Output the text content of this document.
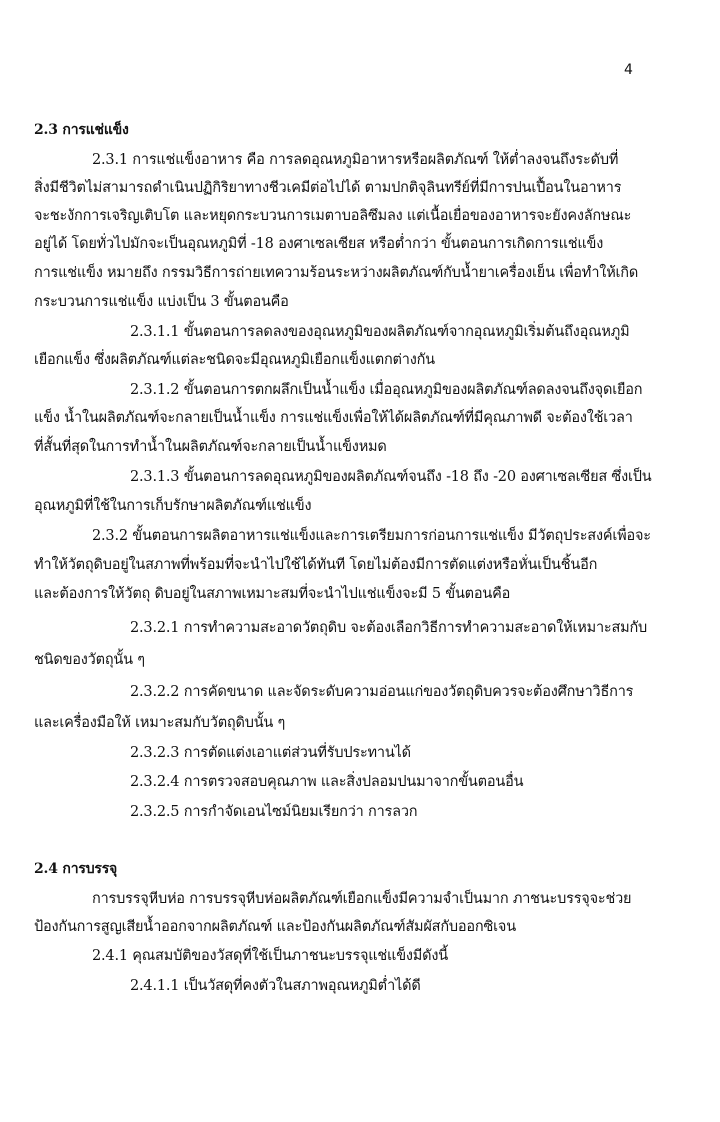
4
2.3 การแช่แข็ง
2.3.1 การแช่แข็งอาหาร คือ การลดอุณหภูมิอาหารหรือผลิตภัณฑ์ ให้ต่ำลงจนถึงระดับที่
สิ่งมีชีวิตไม่สามารถดำเนินปฏิกิริยาทางชีวเคมีต่อไปได้ ตามปกติจุลินทรีย์ที่มีการปนเปื้อนในอาหาร
จะชะงักการเจริญเติบโต และหยุดกระบวนการเมตาบอลิซึมลง แต่เนื้อเยื่อของอาหารจะยังคงลักษณะ
อยู่ได้ โดยทั่วไปมักจะเป็นอุณหภูมิที่ -18 องศาเซลเซียส หรือต่ำกว่า ขั้นตอนการเกิดการแช่แข็ง
การแช่แข็ง หมายถึง กรรมวิธีการถ่ายเทความร้อนระหว่างผลิตภัณฑ์กับน้ำยาเครื่องเย็น เพื่อทำให้เกิด
กระบวนการแช่แข็ง แบ่งเป็น 3 ขั้นตอนคือ
2.3.1.1 ขั้นตอนการลดลงของอุณหภูมิของผลิตภัณฑ์จากอุณหภูมิเริ่มต้นถึงอุณหภูมิ
เยือกแข็ง ซึ่งผลิตภัณฑ์แต่ละชนิดจะมีอุณหภูมิเยือกแข็งแตกต่างกัน
2.3.1.2 ขั้นตอนการตกผลึกเป็นน้ำแข็ง เมื่ออุณหภูมิของผลิตภัณฑ์ลดลงจนถึงจุดเยือก
แข็ง น้ำในผลิตภัณฑ์จะกลายเป็นน้ำแข็ง การแช่แข็งเพื่อให้ได้ผลิตภัณฑ์ที่มีคุณภาพดี จะต้องใช้เวลา
ที่สั้นที่สุดในการทำน้ำในผลิตภัณฑ์จะกลายเป็นน้ำแข็งหมด
2.3.1.3 ขั้นตอนการลดอุณหภูมิของผลิตภัณฑ์จนถึง -18 ถึง -20 องศาเซลเซียส ซึ่งเป็น
อุณหภูมิที่ใช้ในการเก็บรักษาผลิตภัณฑ์แช่แข็ง
2.3.2 ขั้นตอนการผลิตอาหารแช่แข็งและการเตรียมการก่อนการแช่แข็ง มีวัตถุประสงค์เพื่อจะ
ทำให้วัตถุดิบอยู่ในสภาพที่พร้อมที่จะนำไปใช้ได้ทันที โดยไม่ต้องมีการตัดแต่งหรือหั่นเป็นชิ้นอีก
และต้องการให้วัตถุ ดิบอยู่ในสภาพเหมาะสมที่จะนำไปแช่แข็งจะมี 5 ขั้นตอนคือ
2.3.2.1 การทำความสะอาดวัตถุดิบ จะต้องเลือกวิธีการทำความสะอาดให้เหมาะสมกับ
ชนิดของวัตถุนั้น ๆ
2.3.2.2 การคัดขนาด และจัดระดับความอ่อนแก่ของวัตถุดิบควรจะต้องศึกษาวิธีการ
และเครื่องมือให้ เหมาะสมกับวัตถุดิบนั้น ๆ
2.3.2.3 การตัดแต่งเอาแต่ส่วนที่รับประทานได้
2.3.2.4 การตรวจสอบคุณภาพ และสิ่งปลอมปนมาจากขั้นตอนอื่น
2.3.2.5 การกำจัดเอนไซม์นิยมเรียกว่า การลวก
2.4 การบรรจุ
การบรรจุหีบห่อ การบรรจุหีบห่อผลิตภัณฑ์เยือกแข็งมีความจำเป็นมาก ภาชนะบรรจุจะช่วย
ป้องกันการสูญเสียน้ำออกจากผลิตภัณฑ์ และป้องกันผลิตภัณฑ์สัมผัสกับออกซิเจน
2.4.1 คุณสมบัติของวัสดุที่ใช้เป็นภาชนะบรรจุแช่แข็งมีดังนี้
2.4.1.1 เป็นวัสดุที่คงตัวในสภาพอุณหภูมิต่ำได้ดี
